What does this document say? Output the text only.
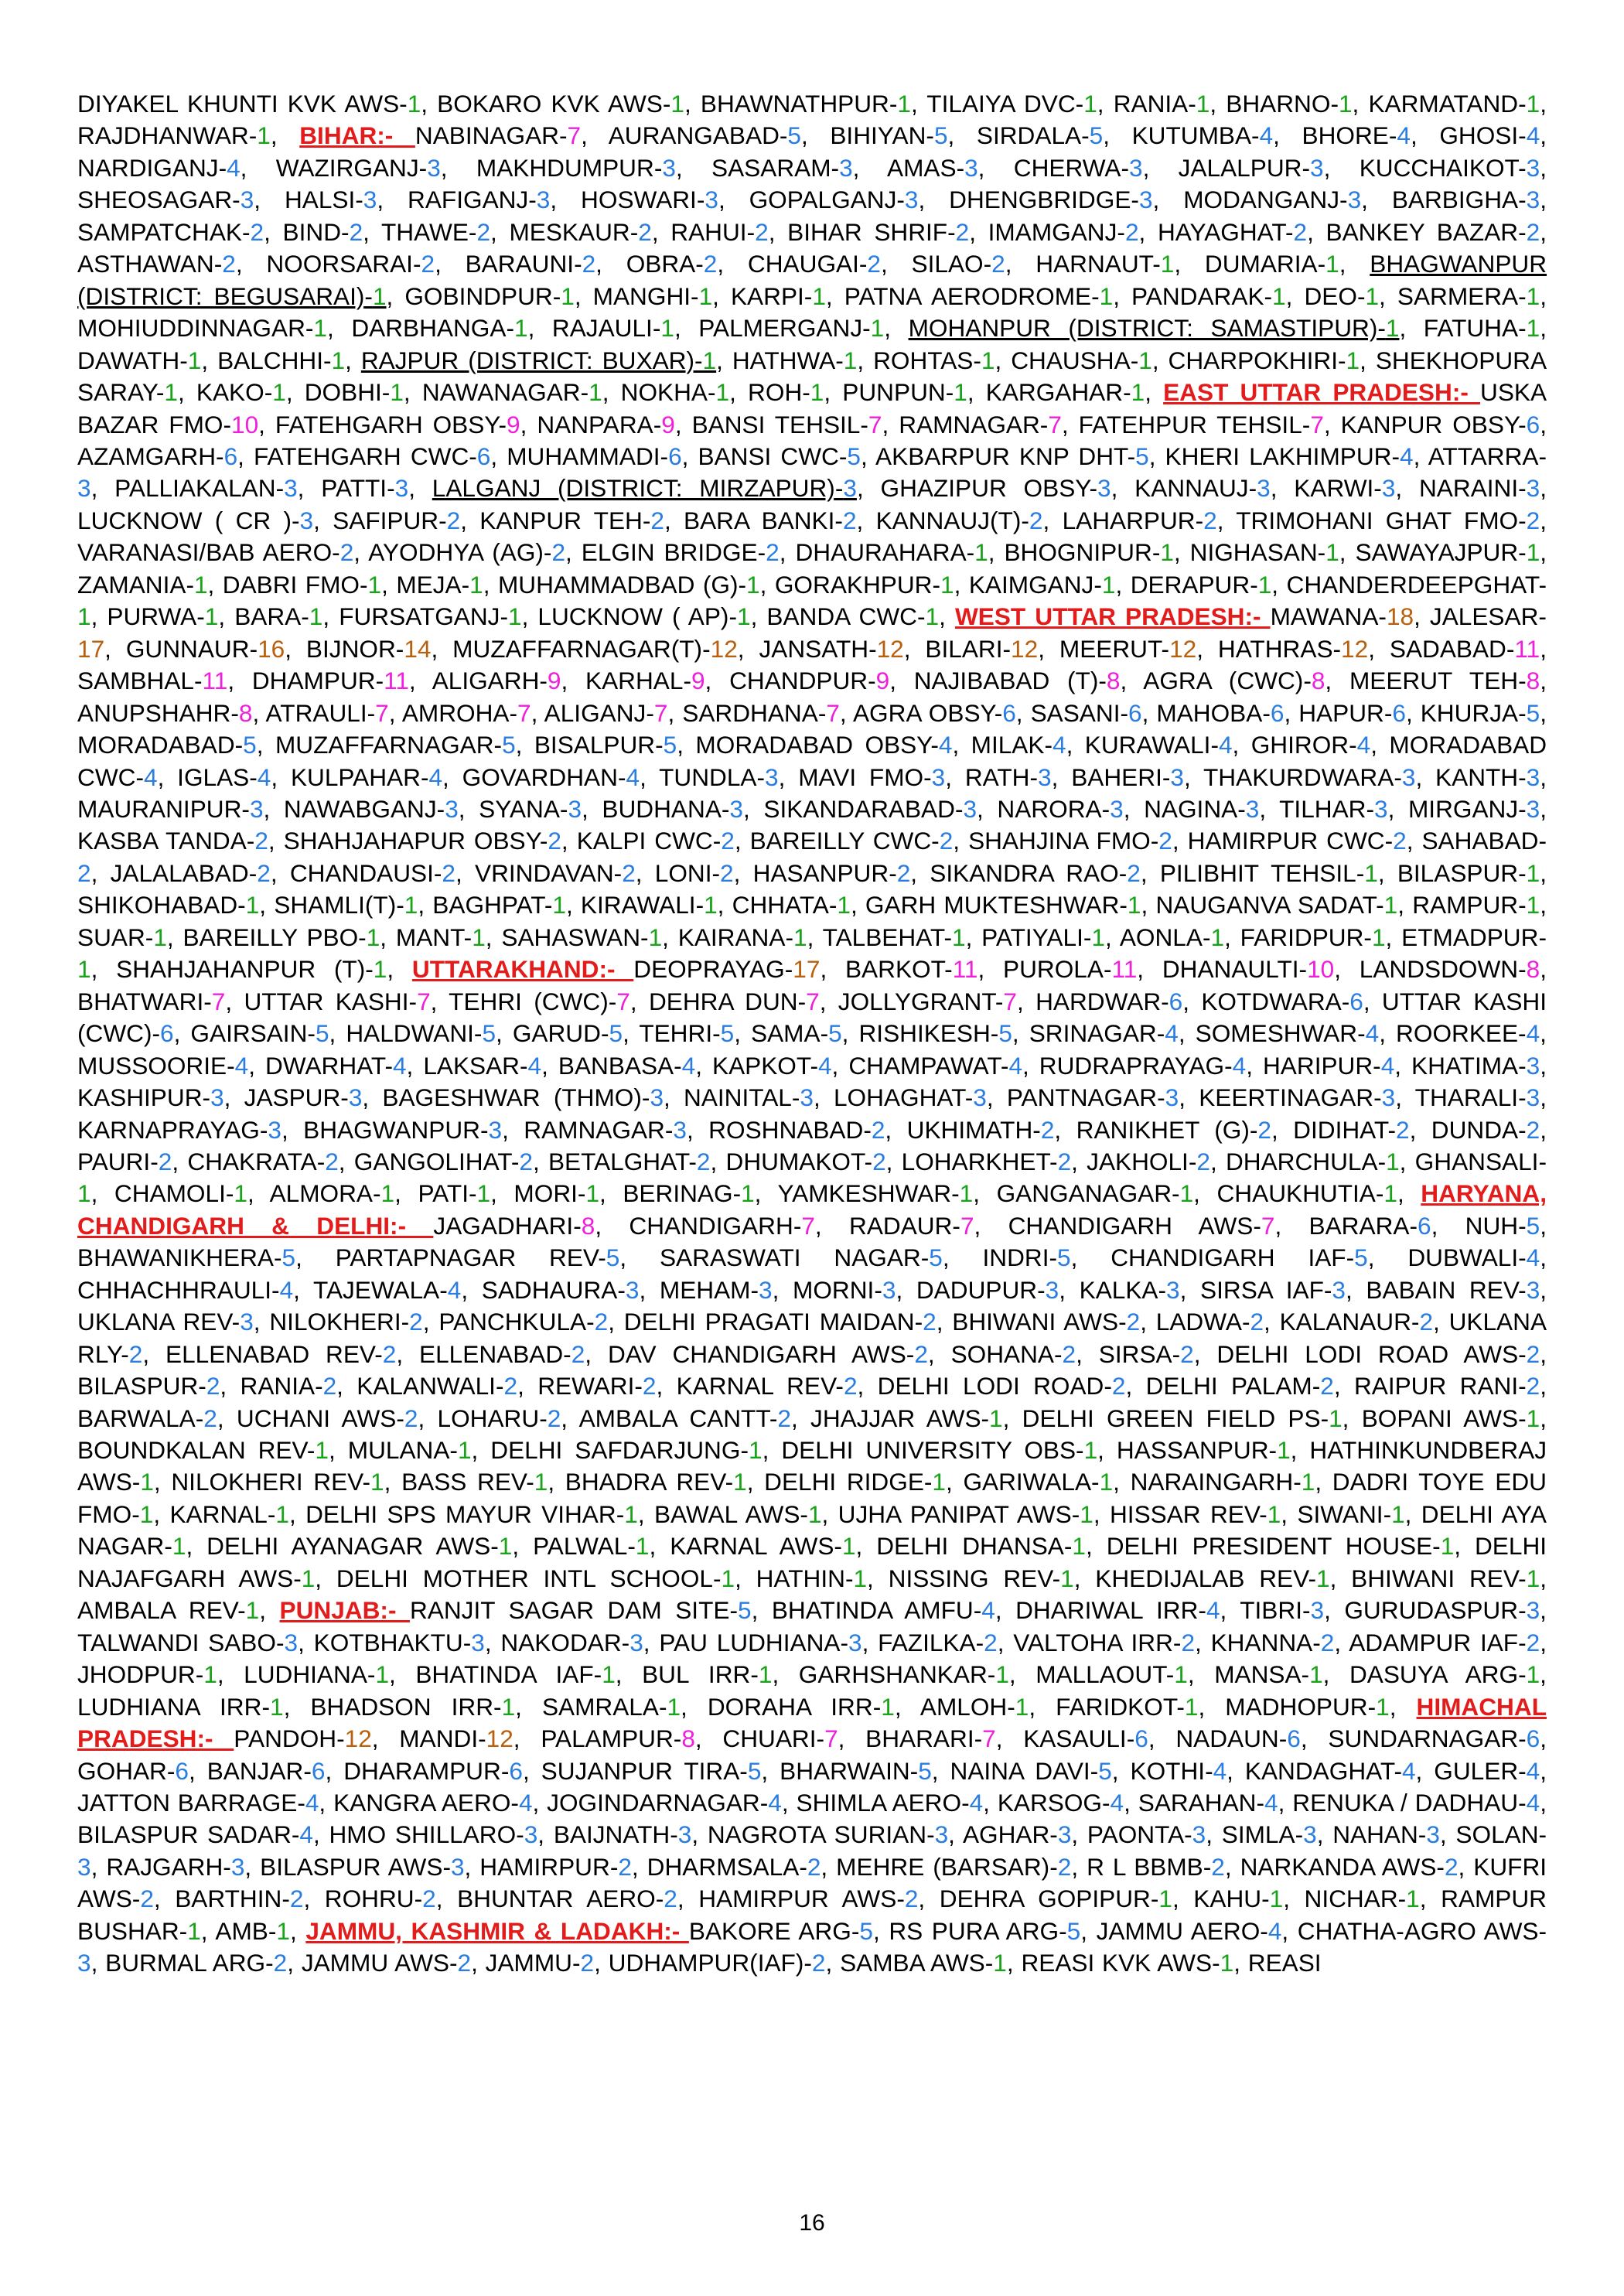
DIYAKEL KHUNTI KVK AWS-1, BOKARO KVK AWS-1, BHAWNATHPUR-1, TILAIYA DVC-1, RANIA-1, BHARNO-1, KARMATAND-1, RAJDHANWAR-1, BIHAR:- NABINAGAR-7, AURANGABAD-5, BIHIYAN-5, SIRDALA-5, KUTUMBA-4, BHORE-4, GHOSI-4, NARDIGANJ-4, WAZIRGANJ-3, MAKHDUMPUR-3, SASARAM-3, AMAS-3, CHERWA-3, JALALPUR-3, KUCCHAIKOT-3, SHEOSAGAR-3, HALSI-3, RAFIGANJ-3, HOSWARI-3, GOPALGANJ-3, DHENGBRIDGE-3, MODANGANJ-3, BARBIGHA-3, SAMPATCHAK-2, BIND-2, THAWE-2, MESKAUR-2, RAHUI-2, BIHAR SHRIF-2, IMAMGANJ-2, HAYAGHAT-2, BANKEY BAZAR-2, ASTHAWAN-2, NOORSARAI-2, BARAUNI-2, OBRA-2, CHAUGAI-2, SILAO-2, HARNAUT-1, DUMARIA-1, BHAGWANPUR (DISTRICT: BEGUSARAI)-1, GOBINDPUR-1, MANGHI-1, KARPI-1, PATNA AERODROME-1, PANDARAK-1, DEO-1, SARMERA-1, MOHIUDDINNAGAR-1, DARBHANGA-1, RAJAULI-1, PALMERGANJ-1, MOHANPUR (DISTRICT: SAMASTIPUR)-1, FATUHA-1, DAWATH-1, BALCHHI-1, RAJPUR (DISTRICT: BUXAR)-1, HATHWA-1, ROHTAS-1, CHAUSHA-1, CHARPOKHIRI-1, SHEKHOPURA SARAY-1, KAKO-1, DOBHI-1, NAWANAGAR-1, NOKHA-1, ROH-1, PUNPUN-1, KARGAHAR-1, EAST UTTAR PRADESH:- USKA BAZAR FMO-10, FATEHGARH OBSY-9, NANPARA-9, BANSI TEHSIL-7, RAMNAGAR-7, FATEHPUR TEHSIL-7, KANPUR OBSY-6, AZAMGARH-6, FATEHGARH CWC-6, MUHAMMADI-6, BANSI CWC-5, AKBARPUR KNP DHT-5, KHERI LAKHIMPUR-4, ATTARRA-3, PALLIAKALAN-3, PATTI-3, LALGANJ (DISTRICT: MIRZAPUR)-3, GHAZIPUR OBSY-3, KANNAUJ-3, KARWI-3, NARAINI-3, LUCKNOW ( CR )-3, SAFIPUR-2, KANPUR TEH-2, BARA BANKI-2, KANNAUJ(T)-2, LAHARPUR-2, TRIMOHANI GHAT FMO-2, VARANASI/BAB AERO-2, AYODHYA (AG)-2, ELGIN BRIDGE-2, DHAURAHARA-1, BHOGNIPUR-1, NIGHASAN-1, SAWAYAJPUR-1, ZAMANIA-1, DABRI FMO-1, MEJA-1, MUHAMMADBAD (G)-1, GORAKHPUR-1, KAIMGANJ-1, DERAPUR-1, CHANDERDEEPGHAT-1, PURWA-1, BARA-1, FURSATGANJ-1, LUCKNOW ( AP)-1, BANDA CWC-1, WEST UTTAR PRADESH:- MAWANA-18, JALESAR-17, GUNNAUR-16, BIJNOR-14, MUZAFFARNAGAR(T)-12, JANSATH-12, BILARI-12, MEERUT-12, HATHRAS-12, SADABAD-11, SAMBHAL-11, DHAMPUR-11, ALIGARH-9, KARHAL-9, CHANDPUR-9, NAJIBABAD (T)-8, AGRA (CWC)-8, MEERUT TEH-8, ANUPSHAHR-8, ATRAULI-7, AMROHA-7, ALIGANJ-7, SARDHANA-7, AGRA OBSY-6, SASANI-6, MAHOBA-6, HAPUR-6, KHURJA-5, MORADABAD-5, MUZAFFARNAGAR-5, BISALPUR-5, MORADABAD OBSY-4, MILAK-4, KURAWALI-4, GHIROR-4, MORADABAD CWC-4, IGLAS-4, KULPAHAR-4, GOVARDHAN-4, TUNDLA-3, MAVI FMO-3, RATH-3, BAHERI-3, THAKURDWARA-3, KANTH-3, MAURANIPUR-3, NAWABGANJ-3, SYANA-3, BUDHANA-3, SIKANDARABAD-3, NARORA-3, NAGINA-3, TILHAR-3, MIRGANJ-3, KASBA TANDA-2, SHAHJAHAPUR OBSY-2, KALPI CWC-2, BAREILLY CWC-2, SHAHJINA FMO-2, HAMIRPUR CWC-2, SAHABAD-2, JALALABAD-2, CHANDAUSI-2, VRINDAVAN-2, LONI-2, HASANPUR-2, SIKANDRA RAO-2, PILIBHIT TEHSIL-1, BILASPUR-1, SHIKOHABAD-1, SHAMLI(T)-1, BAGHPAT-1, KIRAWALI-1, CHHATA-1, GARH MUKTESHWAR-1, NAUGANVA SADAT-1, RAMPUR-1, SUAR-1, BAREILLY PBO-1, MANT-1, SAHASWAN-1, KAIRANA-1, TALBEHAT-1, PATIYALI-1, AONLA-1, FARIDPUR-1, ETMADPUR-1, SHAHJAHANPUR (T)-1, UTTARAKHAND:- DEOPRAYAG-17, BARKOT-11, PUROLA-11, DHANAULTI-10, LANDSDOWN-8, BHATWARI-7, UTTAR KASHI-7, TEHRI (CWC)-7, DEHRA DUN-7, JOLLYGRANT-7, HARDWAR-6, KOTDWARA-6, UTTAR KASHI (CWC)-6, GAIRSAIN-5, HALDWANI-5, GARUD-5, TEHRI-5, SAMA-5, RISHIKESH-5, SRINAGAR-4, SOMESHWAR-4, ROORKEE-4, MUSSOORIE-4, DWARHAT-4, LAKSAR-4, BANBASA-4, KAPKOT-4, CHAMPAWAT-4, RUDRAPRAYAG-4, HARIPUR-4, KHATIMA-3, KASHIPUR-3, JASPUR-3, BAGESHWAR (THMO)-3, NAINITAL-3, LOHAGHAT-3, PANTNAGAR-3, KEERTINAGAR-3, THARALI-3, KARNAPRAYAG-3, BHAGWANPUR-3, RAMNAGAR-3, ROSHNABAD-2, UKHIMATH-2, RANIKHET (G)-2, DIDIHAT-2, DUNDA-2, PAURI-2, CHAKRATA-2, GANGOLIHAT-2, BETALGHAT-2, DHUMAKOT-2, LOHARKHET-2, JAKHOLI-2, DHARCHULA-1, GHANSALI-1, CHAMOLI-1, ALMORA-1, PATI-1, MORI-1, BERINAG-1, YAMKESHWAR-1, GANGANAGAR-1, CHAUKHUTIA-1, HARYANA, CHANDIGARH & DELHI:- JAGADHARI-8, CHANDIGARH-7, RADAUR-7, CHANDIGARH AWS-7, BARARA-6, NUH-5, BHAWANIKHERA-5, PARTAPNAGAR REV-5, SARASWATI NAGAR-5, INDRI-5, CHANDIGARH IAF-5, DUBWALI-4, CHHACHHRAULI-4, TAJEWALA-4, SADHAURA-3, MEHAM-3, MORNI-3, DADUPUR-3, KALKA-3, SIRSA IAF-3, BABAIN REV-3, UKLANA REV-3, NILOKHERI-2, PANCHKULA-2, DELHI PRAGATI MAIDAN-2, BHIWANI AWS-2, LADWA-2, KALANAUR-2, UKLANA RLY-2, ELLENABAD REV-2, ELLENABAD-2, DAV CHANDIGARH AWS-2, SOHANA-2, SIRSA-2, DELHI LODI ROAD AWS-2, BILASPUR-2, RANIA-2, KALANWALI-2, REWARI-2, KARNAL REV-2, DELHI LODI ROAD-2, DELHI PALAM-2, RAIPUR RANI-2, BARWALA-2, UCHANI AWS-2, LOHARU-2, AMBALA CANTT-2, JHAJJAR AWS-1, DELHI GREEN FIELD PS-1, BOPANI AWS-1, BOUNDKALAN REV-1, MULANA-1, DELHI SAFDARJUNG-1, DELHI UNIVERSITY OBS-1, HASSANPUR-1, HATHINKUNDBERAJ AWS-1, NILOKHERI REV-1, BASS REV-1, BHADRA REV-1, DELHI RIDGE-1, GARIWALA-1, NARAINGARH-1, DADRI TOYE EDU FMO-1, KARNAL-1, DELHI SPS MAYUR VIHAR-1, BAWAL AWS-1, UJHA PANIPAT AWS-1, HISSAR REV-1, SIWANI-1, DELHI AYA NAGAR-1, DELHI AYANAGAR AWS-1, PALWAL-1, KARNAL AWS-1, DELHI DHANSA-1, DELHI PRESIDENT HOUSE-1, DELHI NAJAFGARH AWS-1, DELHI MOTHER INTL SCHOOL-1, HATHIN-1, NISSING REV-1, KHEDIJALAB REV-1, BHIWANI REV-1, AMBALA REV-1, PUNJAB:- RANJIT SAGAR DAM SITE-5, BHATINDA AMFU-4, DHARIWAL IRR-4, TIBRI-3, GURUDASPUR-3, TALWANDI SABO-3, KOTBHAKTU-3, NAKODAR-3, PAU LUDHIANA-3, FAZILKA-2, VALTOHA IRR-2, KHANNA-2, ADAMPUR IAF-2, JHODPUR-1, LUDHIANA-1, BHATINDA IAF-1, BUL IRR-1, GARHSHANKAR-1, MALLAOUT-1, MANSA-1, DASUYA ARG-1, LUDHIANA IRR-1, BHADSON IRR-1, SAMRALA-1, DORAHA IRR-1, AMLOH-1, FARIDKOT-1, MADHOPUR-1, HIMACHAL PRADESH:- PANDOH-12, MANDI-12, PALAMPUR-8, CHUARI-7, BHARARI-7, KASAULI-6, NADAUN-6, SUNDARNAGAR-6, GOHAR-6, BANJAR-6, DHARAMPUR-6, SUJANPUR TIRA-5, BHARWAIN-5, NAINA DAVI-5, KOTHI-4, KANDAGHAT-4, GULER-4, JATTON BARRAGE-4, KANGRA AERO-4, JOGINDARNAGAR-4, SHIMLA AERO-4, KARSOG-4, SARAHAN-4, RENUKA / DADHAU-4, BILASPUR SADAR-4, HMO SHILLARO-3, BAIJNATH-3, NAGROTA SURIAN-3, AGHAR-3, PAONTA-3, SIMLA-3, NAHAN-3, SOLAN-3, RAJGARH-3, BILASPUR AWS-3, HAMIRPUR-2, DHARMSALA-2, MEHRE (BARSAR)-2, R L BBMB-2, NARKANDA AWS-2, KUFRI AWS-2, BARTHIN-2, ROHRU-2, BHUNTAR AERO-2, HAMIRPUR AWS-2, DEHRA GOPIPUR-1, KAHU-1, NICHAR-1, RAMPUR BUSHAR-1, AMB-1, JAMMU, KASHMIR & LADAKH:- BAKORE ARG-5, RS PURA ARG-5, JAMMU AERO-4, CHATHA-AGRO AWS-3, BURMAL ARG-2, JAMMU AWS-2, JAMMU-2, UDHAMPUR(IAF)-2, SAMBA AWS-1, REASI KVK AWS-1, REASI

16
